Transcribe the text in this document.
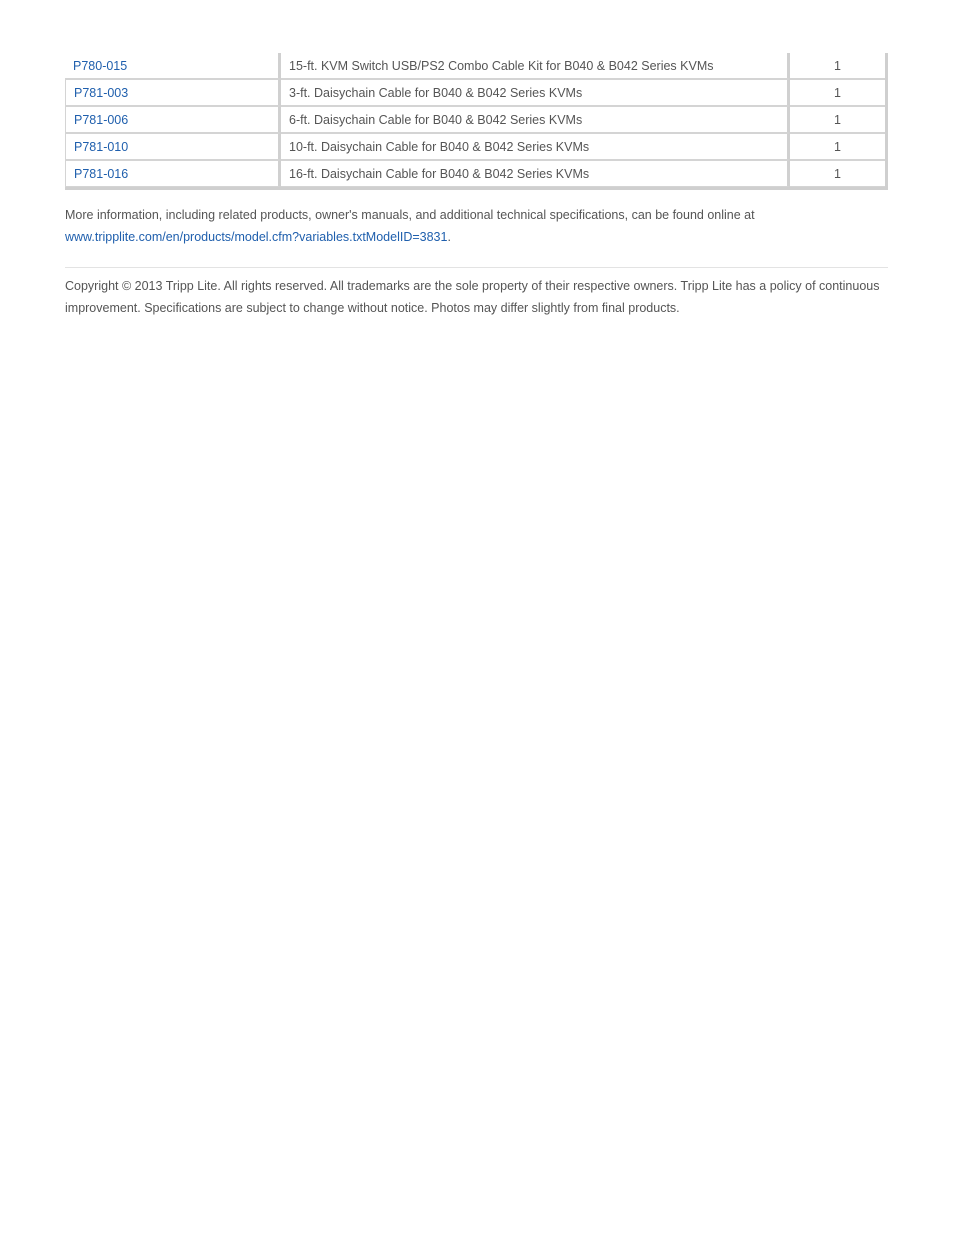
P780-015	15-ft. KVM Switch USB/PS2 Combo Cable Kit for B040 & B042 Series KVMs	1
P781-003	3-ft. Daisychain Cable for B040 & B042 Series KVMs	1
P781-006	6-ft. Daisychain Cable for B040 & B042 Series KVMs	1
P781-010	10-ft. Daisychain Cable for B040 & B042 Series KVMs	1
P781-016	16-ft. Daisychain Cable for B040 & B042 Series KVMs	1

More information, including related products, owner's manuals, and additional technical specifications, can be found online at
www.tripplite.com/en/products/model.cfm?variables.txtModelID=3831.

Copyright © 2013 Tripp Lite. All rights reserved. All trademarks are the sole property of their respective owners. Tripp Lite has a policy of continuous improvement. Specifications are subject to change without notice. Photos may differ slightly from final products.
